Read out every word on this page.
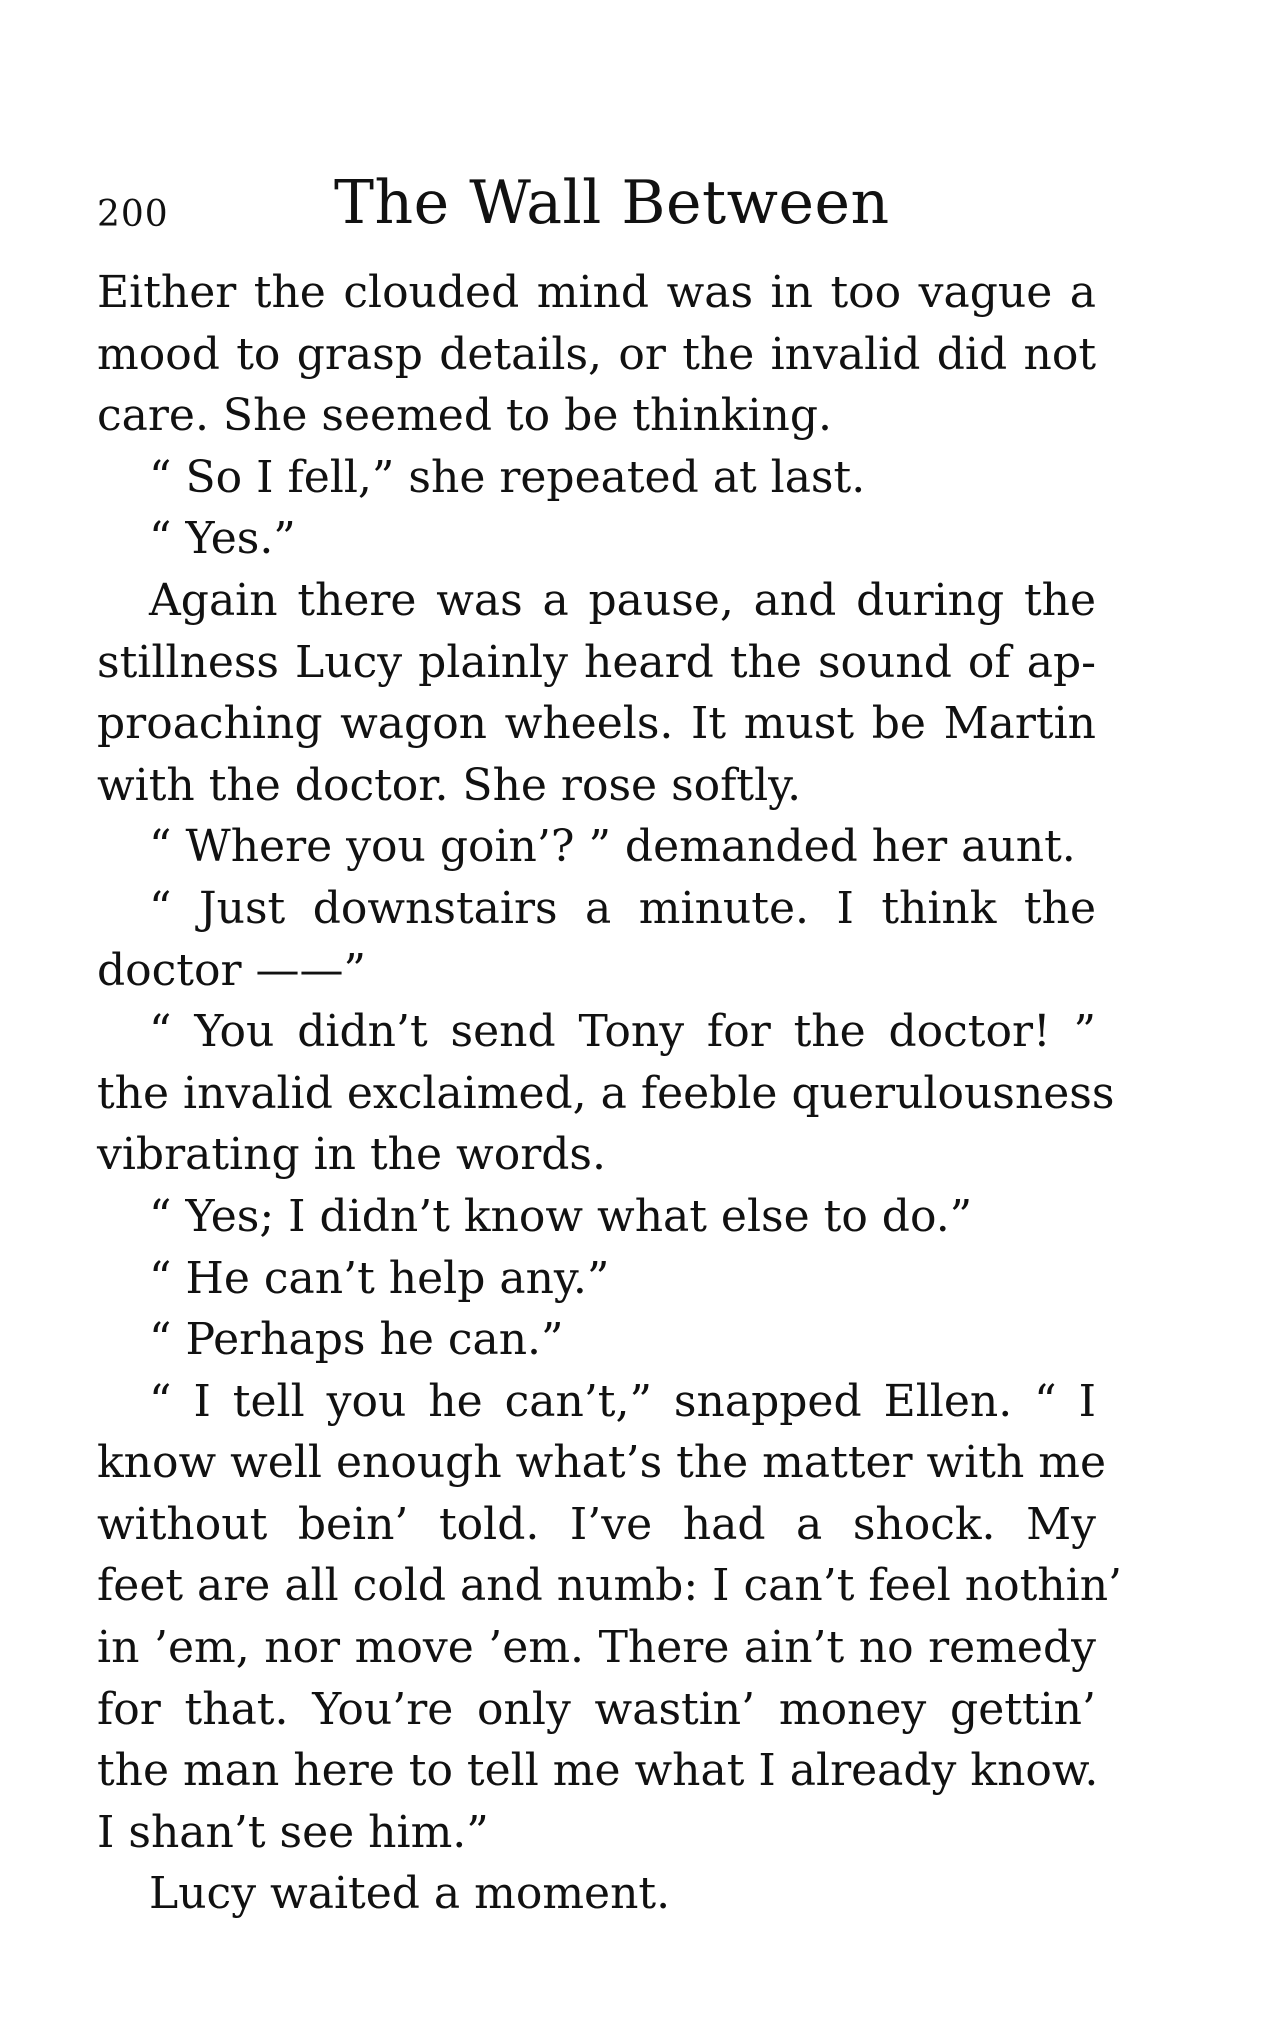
200	The Wall Between
Either the clouded mind was in too vague a
mood to grasp details, or the invalid did not
care. She seemed to be thinking.
“ So I fell,” she repeated at last.
“ Yes.”
Again there was a pause, and during the
stillness Lucy plainly heard the sound of ap-
proaching wagon wheels. It must be Martin
with the doctor. She rose softly.
“ Where you goin’? ” demanded her aunt.
“ Just downstairs a minute. I think the
doctor ——”
“ You didn’t send Tony for the doctor! ”
the invalid exclaimed, a feeble querulousness
vibrating in the words.
“ Yes; I didn’t know what else to do.”
“ He can’t help any.”
“ Perhaps he can.”
“ I tell you he can’t,” snapped Ellen. “ I
know well enough what’s the matter with me
without bein’ told. I’ve had a shock. My
feet are all cold and numb: I can’t feel nothin’
in ’em, nor move ’em. There ain’t no remedy
for that. You’re only wastin’ money gettin’
the man here to tell me what I already know.
I shan’t see him.”
Lucy waited a moment.
